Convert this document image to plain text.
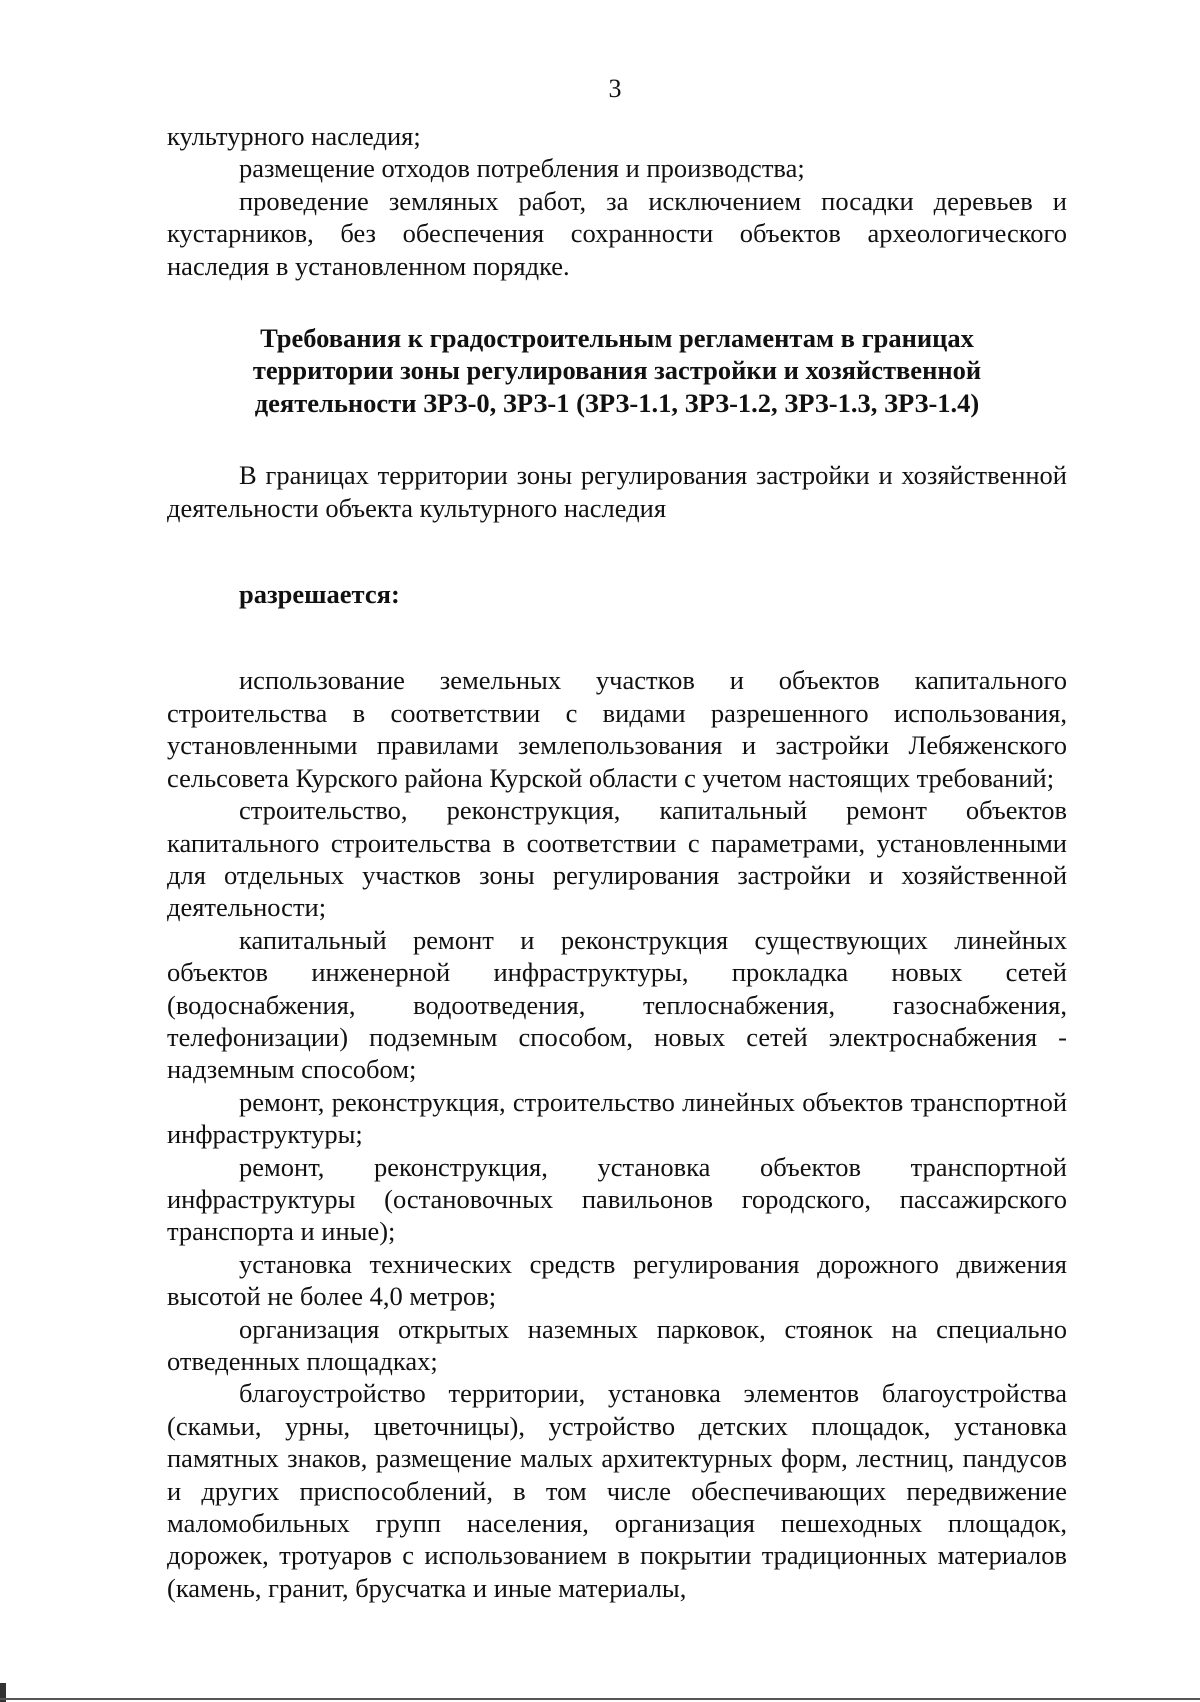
3

культурного наследия;

размещение отходов потребления и производства;

проведение земляных работ, за исключением посадки деревьев и кустарников, без обеспечения сохранности объектов археологического наследия в установленном порядке.

Требования к градостроительным регламентам в границах
территории зоны регулирования застройки и хозяйственной
деятельности ЗРЗ-0, ЗРЗ-1 (ЗРЗ-1.1, ЗРЗ-1.2, ЗРЗ-1.3, ЗРЗ-1.4)

В границах территории зоны регулирования застройки и хозяйственной деятельности объекта культурного наследия

разрешается:

использование земельных участков и объектов капитального строительства в соответствии с видами разрешенного использования, установленными правилами землепользования и застройки Лебяженского сельсовета Курского района Курской области с учетом настоящих требований;

строительство, реконструкция, капитальный ремонт объектов капитального строительства в соответствии с параметрами, установленными для отдельных участков зоны регулирования застройки и хозяйственной деятельности;

капитальный ремонт и реконструкция существующих линейных объектов инженерной инфраструктуры, прокладка новых сетей (водоснабжения, водоотведения, теплоснабжения, газоснабжения, телефонизации) подземным способом, новых сетей электроснабжения - надземным способом;

ремонт, реконструкция, строительство линейных объектов транспортной инфраструктуры;

ремонт, реконструкция, установка объектов транспортной инфраструктуры (остановочных павильонов городского, пассажирского транспорта и иные);

установка технических средств регулирования дорожного движения высотой не более 4,0 метров;

организация открытых наземных парковок, стоянок на специально отведенных площадках;

благоустройство территории, установка элементов благоустройства (скамьи, урны, цветочницы), устройство детских площадок, установка памятных знаков, размещение малых архитектурных форм, лестниц, пандусов и других приспособлений, в том числе обеспечивающих передвижение маломобильных групп населения, организация пешеходных площадок, дорожек, тротуаров с использованием в покрытии традиционных материалов (камень, гранит, брусчатка и иные материалы,
